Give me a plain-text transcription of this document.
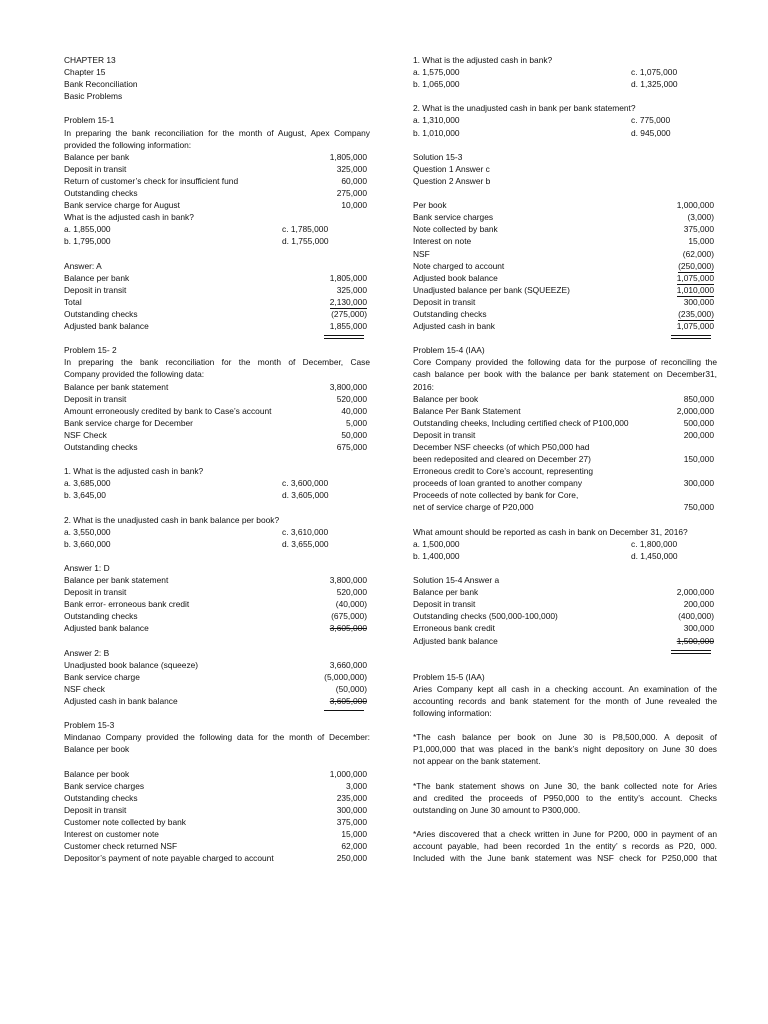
CHAPTER 13
Chapter 15
Bank Reconciliation
Basic Problems
Problem 15-1
In preparing the bank reconciliation for the month of August, Apex Company
provided the following information:
Balance per bank	1,805,000
Deposit in transit	325,000
Return of customer’s check for insufficient fund	60,000
Outstanding checks	275,000
Bank service charge for August	10,000
What is the adjusted cash in bank?
a. 1,855,000	c. 1,785,000
b. 1,795,000	d. 1,755,000
Answer: A
Balance per bank	1,805,000
Deposit in transit	325,000
Total	2,130,000
Outstanding checks	(275,000)
Adjusted bank balance	1,855,000
Problem 15- 2
In preparing the bank reconciliation for the month of December, Case
Company provided the following data:
Balance per bank statement	3,800,000
Deposit in transit	520,000
Amount erroneously credited by bank to Case’s account	40,000
Bank service charge for December	5,000
NSF Check	50,000
Outstanding checks	675,000
1. What is the adjusted cash in bank?
a. 3,685,000	c. 3,600,000
b. 3,645,00	d. 3,605,000
2. What is the unadjusted cash in bank balance per book?
a. 3,550,000	c. 3,610,000
b. 3,660,000	d. 3,655,000
Answer 1: D
Balance per bank statement	3,800,000
Deposit in transit	520,000
Bank error- erroneous bank credit	(40,000)
Outstanding checks	(675,000)
Adjusted bank balance	3,605,000
Answer 2: B
Unadjusted book balance (squeeze)	3,660,000
Bank service charge	(5,000,000)
NSF check	(50,000)
Adjusted cash in bank balance	3,605,000
Problem 15-3
Mindanao Company provided the following data for the month of December:
Balance per book
Balance per book	1,000,000
Bank service charges	3,000
Outstanding checks	235,000
Deposit in transit	300,000
Customer note collected by bank	375,000
Interest on customer note	15,000
Customer check returned NSF	62,000
Depositor’s payment of note payable charged to account	250,000
1. What is the adjusted cash in bank?
a. 1,575,000	c. 1,075,000
b. 1,065,000	d. 1,325,000
2. What is the unadjusted cash in bank per bank statement?
a. 1,310,000	c. 775,000
b. 1,010,000	d. 945,000
Solution 15-3
Question 1 Answer c
Question 2 Answer b
Per book	1,000,000
Bank service charges	(3,000)
Note collected by bank	375,000
Interest on note	15,000
NSF	(62,000)
Note charged to account	(250,000)
Adjusted book balance	1,075,000
Unadjusted balance per bank (SQUEEZE)	1,010,000
Deposit in transit	300,000
Outstanding checks	(235,000)
Adjusted cash in bank	1,075,000
Problem 15-4 (IAA)
Core Company provided the following data for the purpose of reconciling the
cash balance per book with the balance per bank statement on December31,
2016:
Balance per book	850,000
Balance Per Bank Statement	2,000,000
Outstanding cheeks, Including certified check of P100,000	500,000
Deposit in transit	200,000
December NSF cheecks (of which P50,000 had
been redeposited and cleared on December 27)	150,000
Erroneous credit to Core’s account, representing
proceeds of loan granted to another company	300,000
Proceeds of note collected by bank for Core,
net of service charge of P20,000	750,000
What amount should be reported as cash in bank on December 31, 2016?
a. 1,500,000	c. 1,800,000
b. 1,400,000	d. 1,450,000
Solution 15-4 Answer a
Balance per bank	2,000,000
Deposit in transit	200,000
Outstanding checks (500,000-100,000)	(400,000)
Erroneous bank credit	300,000
Adjusted bank balance	1,500,000
Problem 15-5 (IAA)
Aries Company kept all cash in a checking account. An examination of the
accounting records and bank statement for the month of June revealed the
following information:
*The cash balance per book on June 30 is P8,500,000. A deposit of
P1,000,000 that was placed in the bank’s night depository on June 30 does
not appear on the bank statement.
*The bank statement shows on June 30, the bank collected note for Aries
and credited the proceeds of P950,000 to the entity’s account. Checks
outstanding on June 30 amount to P300,000.
*Aries discovered that a check written in June for P200, 000 in payment of an
account payable, had been recorded 1n the entity’ s records as P20, 000.
Included with the June bank statement was NSF check for P250,000 that
